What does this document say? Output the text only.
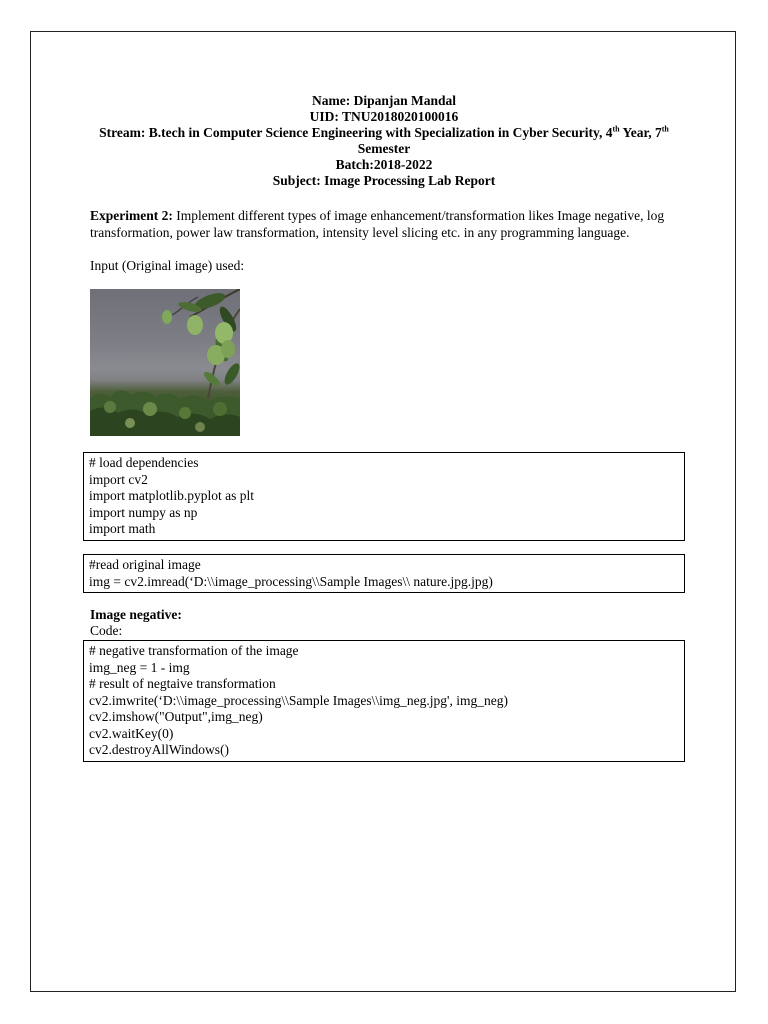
Name: Dipanjan Mandal
UID: TNU2018020100016
Stream: B.tech in Computer Science Engineering with Specialization in Cyber Security, 4th Year, 7th
Semester
Batch:2018-2022
Subject: Image Processing Lab Report
Experiment 2: Implement different types of image enhancement/transformation likes Image negative, log transformation, power law transformation, intensity level slicing etc. in any programming language.
Input (Original image) used:
# load dependencies
import cv2
import matplotlib.pyplot as plt
import numpy as np
import math
#read original image
img = cv2.imread(‘D:\\image_processing\\Sample Images\\ nature.jpg.jpg)
Image negative:
Code:
# negative transformation of the image
img_neg = 1 - img
# result of negtaive transformation
cv2.imwrite(‘D:\\image_processing\\Sample Images\\img_neg.jpg', img_neg)
cv2.imshow("Output",img_neg)
cv2.waitKey(0)
cv2.destroyAllWindows()
